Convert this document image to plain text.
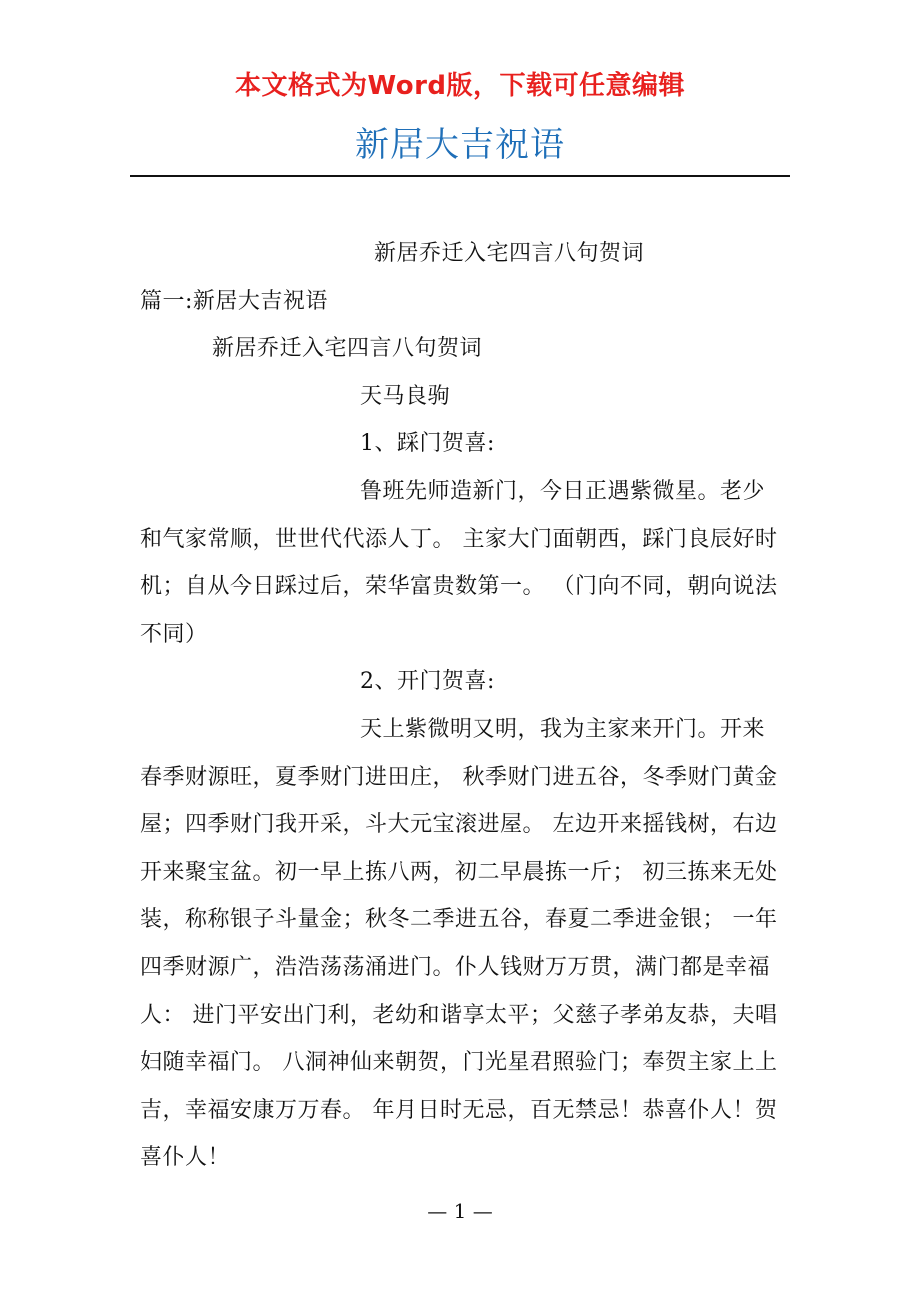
本文格式为Word版，下载可任意编辑
新居大吉祝语

新居乔迁入宅四言八句贺词

篇一:新居大吉祝语

新居乔迁入宅四言八句贺词

天马良驹

1、踩门贺喜:

鲁班先师造新门，今日正遇紫微星。老少和气家常顺，世世代代添人丁。 主家大门面朝西，踩门良辰好时机；自从今日踩过后，荣华富贵数第一。 （门向不同，朝向说法不同）

2、开门贺喜:

天上紫微明又明，我为主家来开门。开来春季财源旺，夏季财门进田庄， 秋季财门进五谷，冬季财门黄金屋；四季财门我开采，斗大元宝滚进屋。 左边开来摇钱树，右边开来聚宝盆。初一早上拣八两，初二早晨拣一斤； 初三拣来无处装，称称银子斗量金；秋冬二季进五谷，春夏二季进金银； 一年四季财源广，浩浩荡荡涌进门。仆人钱财万万贯，满门都是幸福人： 进门平安出门利，老幼和谐享太平；父慈子孝弟友恭，夫唱妇随幸福门。 八洞神仙来朝贺，门光星君照验门；奉贺主家上上吉，幸福安康万万春。 年月日时无忌，百无禁忌！恭喜仆人！贺喜仆人！

— 1 —
